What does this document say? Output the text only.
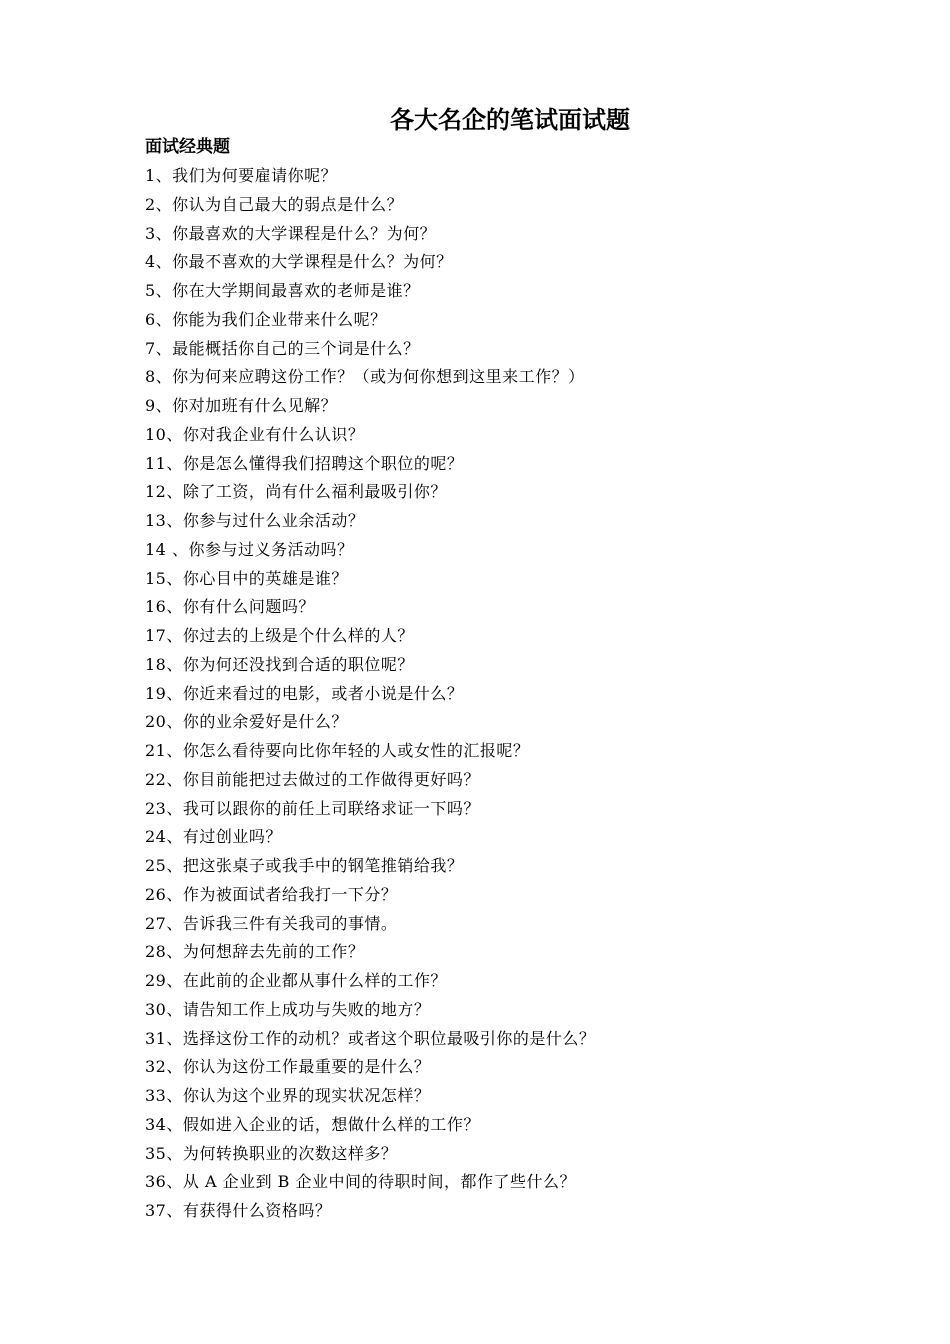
各大名企的笔试面试题
面试经典题
1、我们为何要雇请你呢？
2、你认为自己最大的弱点是什么？
3、你最喜欢的大学课程是什么？为何？
4、你最不喜欢的大学课程是什么？为何？
5、你在大学期间最喜欢的老师是谁？
6、你能为我们企业带来什么呢？
7、最能概括你自己的三个词是什么？
8、你为何来应聘这份工作？（或为何你想到这里来工作？）
9、你对加班有什么见解？
10、你对我企业有什么认识？
11、你是怎么懂得我们招聘这个职位的呢？
12、除了工资，尚有什么福利最吸引你？
13、你参与过什么业余活动？
14 、你参与过义务活动吗？
15、你心目中的英雄是谁？
16、你有什么问题吗？
17、你过去的上级是个什么样的人？
18、你为何还没找到合适的职位呢？
19、你近来看过的电影，或者小说是什么？
20、你的业余爱好是什么？
21、你怎么看待要向比你年轻的人或女性的汇报呢？
22、你目前能把过去做过的工作做得更好吗？
23、我可以跟你的前任上司联络求证一下吗？
24、有过创业吗？
25、把这张桌子或我手中的钢笔推销给我？
26、作为被面试者给我打一下分？
27、告诉我三件有关我司的事情。
28、为何想辞去先前的工作？
29、在此前的企业都从事什么样的工作？
30、请告知工作上成功与失败的地方？
31、选择这份工作的动机？或者这个职位最吸引你的是什么？
32、你认为这份工作最重要的是什么？
33、你认为这个业界的现实状况怎样？
34、假如进入企业的话，想做什么样的工作？
35、为何转换职业的次数这样多？
36、从 A 企业到 B 企业中间的待职时间，都作了些什么？
37、有获得什么资格吗？
